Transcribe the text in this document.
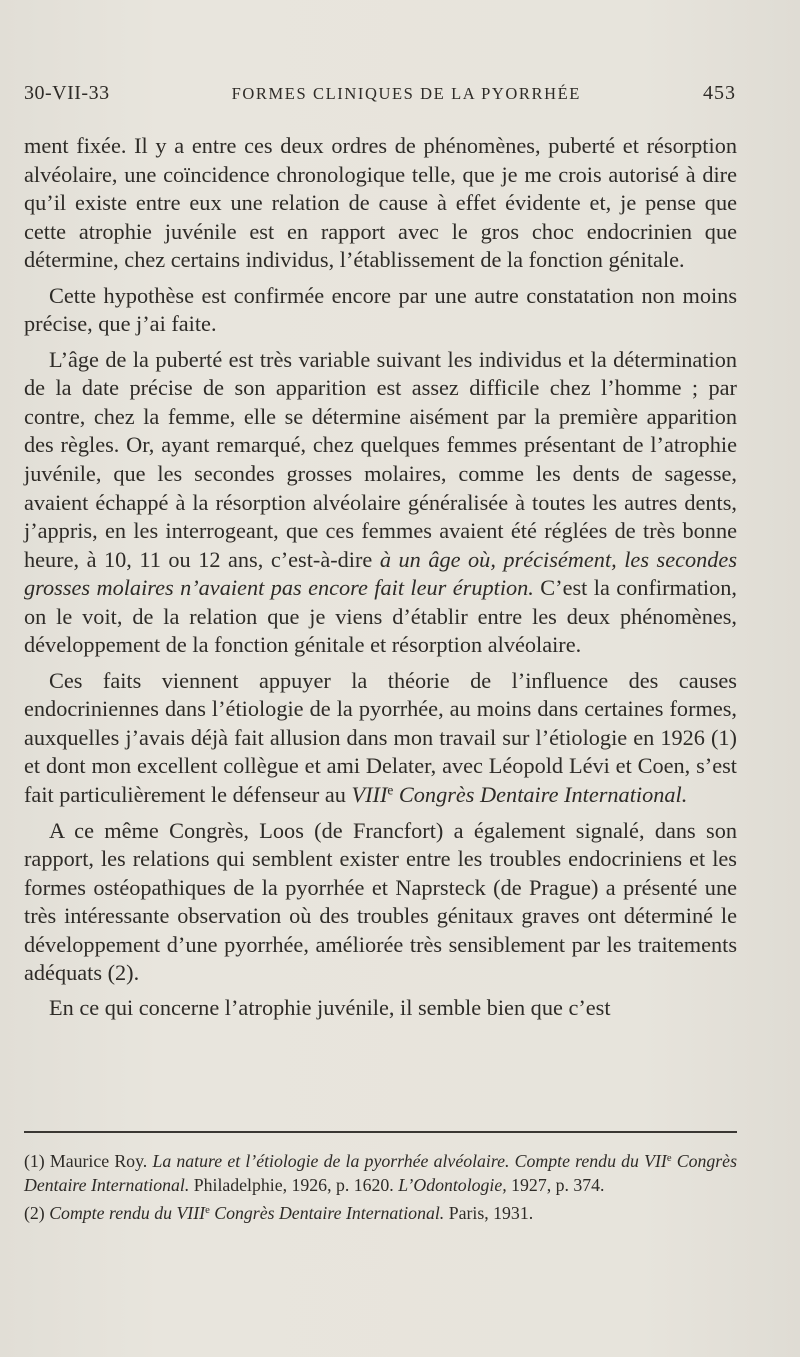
30-VII-33	FORMES CLINIQUES DE LA PYORRHÉE	453

ment fixée. Il y a entre ces deux ordres de phénomènes, puberté et résorption alvéolaire, une coïncidence chronologique telle, que je me crois autorisé à dire qu’il existe entre eux une relation de cause à effet évidente et, je pense que cette atrophie juvénile est en rapport avec le gros choc endocrinien que détermine, chez certains individus, l’établissement de la fonction génitale.

Cette hypothèse est confirmée encore par une autre constatation non moins précise, que j’ai faite.

L’âge de la puberté est très variable suivant les individus et la détermination de la date précise de son apparition est assez difficile chez l’homme ; par contre, chez la femme, elle se détermine aisément par la première apparition des règles. Or, ayant remarqué, chez quelques femmes présentant de l’atrophie juvénile, que les secondes grosses molaires, comme les dents de sagesse, avaient échappé à la résorption alvéolaire généralisée à toutes les autres dents, j’appris, en les interrogeant, que ces femmes avaient été réglées de très bonne heure, à 10, 11 ou 12 ans, c’est-à-dire à un âge où, précisément, les secondes grosses molaires n’avaient pas encore fait leur éruption. C’est la confirmation, on le voit, de la relation que je viens d’établir entre les deux phénomènes, développement de la fonction génitale et résorption alvéolaire.

Ces faits viennent appuyer la théorie de l’influence des causes endocriniennes dans l’étiologie de la pyorrhée, au moins dans certaines formes, auxquelles j’avais déjà fait allusion dans mon travail sur l’étiologie en 1926 (1) et dont mon excellent collègue et ami Delater, avec Léopold Lévi et Coen, s’est fait particulièrement le défenseur au VIIIe Congrès Dentaire International.

A ce même Congrès, Loos (de Francfort) a également signalé, dans son rapport, les relations qui semblent exister entre les troubles endocriniens et les formes ostéopathiques de la pyorrhée et Naprsteck (de Prague) a présenté une très intéressante observation où des troubles génitaux graves ont déterminé le développement d’une pyorrhée, améliorée très sensiblement par les traitements adéquats (2).

En ce qui concerne l’atrophie juvénile, il semble bien que c’est

(1) Maurice Roy. La nature et l’étiologie de la pyorrhée alvéolaire. Compte rendu du VIIe Congrès Dentaire International. Philadelphie, 1926, p. 1620. L’Odontologie, 1927, p. 374.

(2) Compte rendu du VIIIe Congrès Dentaire International. Paris, 1931.
